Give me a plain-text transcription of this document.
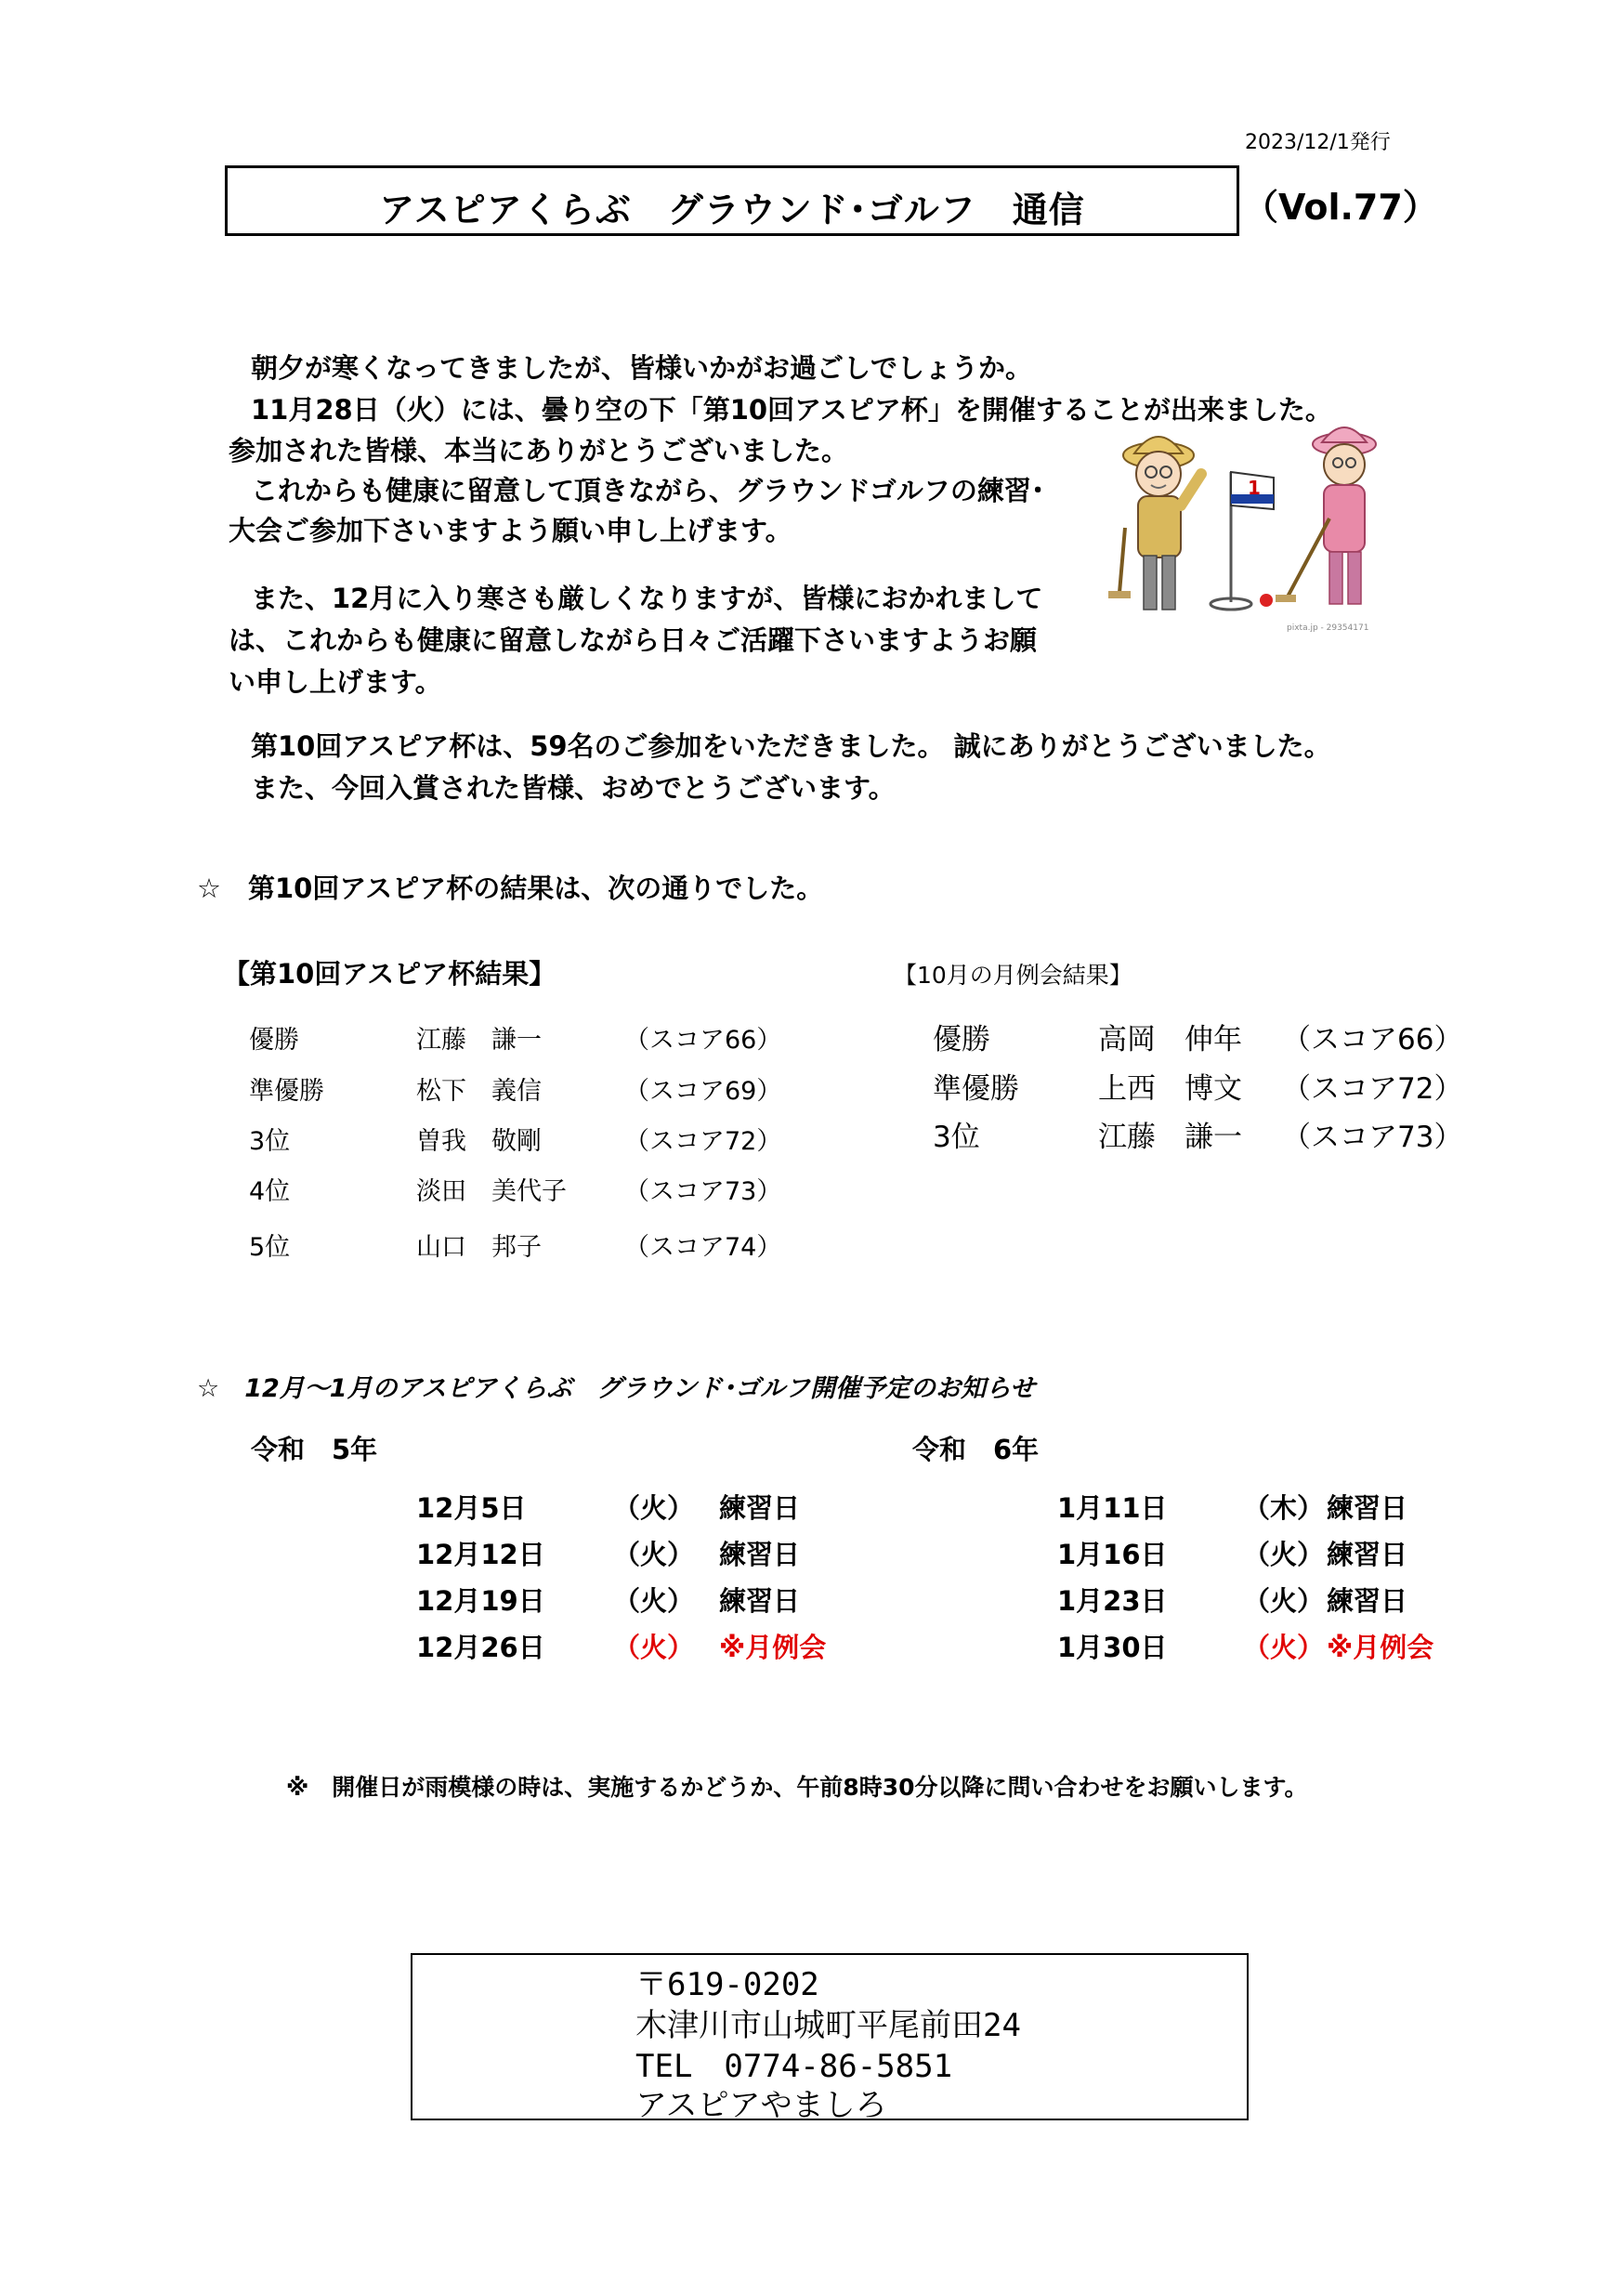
2023/12/1発行
アスピアくらぶ　グラウンド･ゴルフ　通信	（Vol.77）
朝夕が寒くなってきましたが、皆様いかがお過ごしでしょうか。
11月28日（火）には、曇り空の下「第10回アスピア杯」を開催することが出来ました。
参加された皆様、本当にありがとうございました。
これからも健康に留意して頂きながら、グラウンドゴルフの練習･
大会ご参加下さいますよう願い申し上げます。
また、12月に入り寒さも厳しくなりますが、皆様におかれまして
は、これからも健康に留意しながら日々ご活躍下さいますようお願
い申し上げます。
第10回アスピア杯は、59名のご参加をいただきました。 誠にありがとうございました。
また、今回入賞された皆様、おめでとうございます。
1
pixta.jp - 29354171
☆　第10回アスピア杯の結果は、次の通りでした。
【第10回アスピア杯結果】
優勝	江藤　謙一	（スコア66）
準優勝	松下　義信	（スコア69）
3位	曽我　敬剛	（スコア72）
4位	淡田　美代子 （スコア73）
5位	山口　邦子	（スコア74）
【10月の月例会結果】
優勝	高岡　伸年 （スコア66）
準優勝	上西　博文 （スコア72）
3位	江藤　謙一 （スコア73）
☆　12月～1月のアスピアくらぶ　グラウンド･ゴルフ開催予定のお知らせ
令和　5年	令和　6年
12月5日	（火） 練習日
12月12日	（火） 練習日
12月19日	（火） 練習日
12月26日	（火） ※月例会
1月11日	（木） 練習日
1月16日	（火） 練習日
1月23日	（火） 練習日
1月30日	（火） ※月例会
※　開催日が雨模様の時は、実施するかどうか、午前8時30分以降に問い合わせをお願いします。
〒619-0202
木津川市山城町平尾前田24
TEL　0774-86-5851
アスピアやましろ
